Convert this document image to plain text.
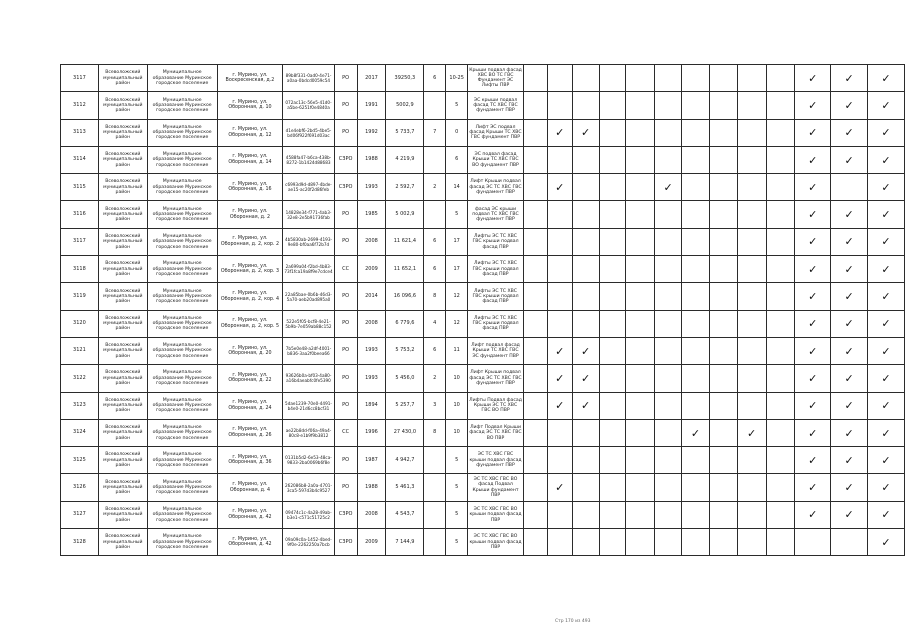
3117	Всеволожский муниципальный район	Муниципальное образование Муринское городское поселение	г. Мурино, ул. Воскресенская, д.2	89b8f331-0ad0-4e71-a0aa-0bdcd0059c54	РО	2017	39250,3	6	10-25	Крыши подвал фасад ХВС ВО ТС ГВС Фундамент ЭС Лифты ПВР											✓	✓	✓
3112	Всеволожский муниципальный район	Муниципальное образование Муринское городское поселение	г. Мурино, ул. Оборонная, д. 10	072ac13c-56e5-41d0-a5be-6251f0e4840a	РО	1991	5002,9		5	ЭС крыши подвал фасад ТС ХВС ГВС фундамент ПВР											✓	✓	✓
3113	Всеволожский муниципальный район	Муниципальное образование Муринское городское поселение	г. Мурино, ул. Оборонная, д. 12	d1e4ebf6-2bd5-4be5-bd06f922f691d03ac	РО	1992	5 733,7	7	0	Лифт ЭС подвал фасад Крыши ТС ХВС ГВС фундамент ПВР		✓	✓								✓	✓	✓
3114	Всеволожский муниципальный район	Муниципальное образование Муринское городское поселение	г. Мурино, ул. Оборонная, д. 14	4588fa47-b6ca-438b-8272-1b1424d88683	СЗРО	1988	4 219,9		6	ЭС подвал фасад Крыши ТС ХВС ГВС ВО фундамент ПВР											✓	✓	✓
3115	Всеволожский муниципальный район	Муниципальное образование Муринское городское поселение	г. Мурино, ул. Оборонная, д. 16	c6993d9d-d897-4bde-ae15-ac20f2d86feb	СЗРО	1993	2 592,7	2	14	Лифт Крыши подвал фасад ЭС ТС ХВС ГВС фундамент ПВР		✓				✓					✓		✓
3116	Всеволожский муниципальный район	Муниципальное образование Муринское городское поселение	г. Мурино, ул. Оборонная, д. 2	14828e34-f771-4ab3-32e8-2e5b91736fab	РО	1985	5 002,9		5	фасад ЭС крыши подвал ТС ХВС ГВС фундамент ПВР											✓	✓	✓
3117	Всеволожский муниципальный район	Муниципальное образование Муринское городское поселение	г. Мурино, ул. Оборонная, д. 2, кор. 2	4b5830ab-2699-4193-9e80-bf0aa6f72b7d	РО	2008	11 621,4	6	17	Лифты ЭС ТС ХВС ГВС крыши подвал фасад ПВР											✓	✓	✓
3118	Всеволожский муниципальный район	Муниципальное образование Муринское городское поселение	г. Мурино, ул. Оборонная, д. 2, кор. 3	2a699a04-f2bd-4b83-73f1fca19a8f9e7cdce4	СС	2009	11 652,1	6	17	Лифты ЭС ТС ХВС ГВС крыши подвал фасад ПВР											✓	✓	✓
3119	Всеволожский муниципальный район	Муниципальное образование Муринское городское поселение	г. Мурино, ул. Оборонная, д. 2, кор. 4	22a85bae-0b6b-46d3-5a70-aeb20ad895a0	РО	2014	16 096,6	8	12	Лифты ЭС ТС ХВС ГВС крыши подвал фасад ПВР											✓	✓	✓
3120	Всеволожский муниципальный район	Муниципальное образование Муринское городское поселение	г. Мурино, ул. Оборонная, д. 2, кор. 5	522e5f05-bcf8-4e21-5b9b-7e059ab88c152	РО	2008	6 779,6	4	12	Лифты ЭС ТС ХВС ГВС крыши подвал фасад ПВР											✓	✓	✓
3121	Всеволожский муниципальный район	Муниципальное образование Муринское городское поселение	г. Мурино, ул. Оборонная, д. 20	7b5e0e48-a2df-4001-b836-3aa2f0beea66	РО	1993	5 753,2	6	11	Лифт подвал фасад Крыши ТС ХВС ГВС ЭС фундамент ПВР		✓	✓								✓	✓	✓
3122	Всеволожский муниципальный район	Муниципальное образование Муринское городское поселение	г. Мурино, ул. Оборонная, д. 22	93626b0a-bf03-4a80-a16b4aeabfc0fe5390	РО	1993	5 456,0	2	10	Лифт Крыши подвал фасад ЭС ТС ХВС ГВС фундамент ПВР		✓	✓								✓	✓	✓
3123	Всеволожский муниципальный район	Муниципальное образование Муринское городское поселение	г. Мурино, ул. Оборонная, д. 24	5dae1239-70e0-4491-b4e0-21d6cc8bcf31	РО	1894	5 257,7	3	10	Лифты Подвал фасад Крыши ЭС ТС ХВС ГВС ВО ПВР		✓	✓								✓	✓	✓
3124	Всеволожский муниципальный район	Муниципальное образование Муринское городское поселение	г. Мурино, ул. Оборонная, д. 26	ae22b8dd-f06a-49a4-80c8-e1b9f9b3812	СС	1996	27 430,0	8	10	Лифт Подвал Крыши фасад ЭС ТС ХВС ГВС ВО ПВР							✓		✓		✓	✓	✓
3125	Всеволожский муниципальный район	Муниципальное образование Муринское городское поселение	г. Мурино, ул. Оборонная, д. 36	0131b5d2-6e53-48ca-9833-2ba0069b6f8e	РО	1987	4 942,7		5	ЭС ТС ХВС ГВС крыши подвал фасад фундамент ПВР											✓	✓	✓
3126	Всеволожский муниципальный район	Муниципальное образование Муринское городское поселение	г. Мурино, ул. Оборонная, д. 4	262086b8-2a0a-4701-3ca5-597d3b4c9527	РО	1988	5 461,3		5	ЭС ТС ХВС ГВС ВО фасад Подвал Крыши фундамент ПВР		✓									✓	✓	✓
3127	Всеволожский муниципальный район	Муниципальное образование Муринское городское поселение	г. Мурино, ул. Оборонная, д. 42	09474c1c-4a28-49ab-b3e1-c571c51725c2	СЗРО	2008	4 543,7		5	ЭС ТС ХВС ГВС ВО крыши подвал фасад ПВР											✓	✓	✓
3128	Всеволожский муниципальный район	Муниципальное образование Муринское городское поселение	г. Мурино, ул. Оборонная, д. 42	09a09c0a-1452-4bed-9f0e-2262250a7bcb	СЗРО	2009	7 144,9		5	ЭС ТС ХВС ГВС ВО крыши подвал фасад ПВР													✓
Стр 170 из 493
